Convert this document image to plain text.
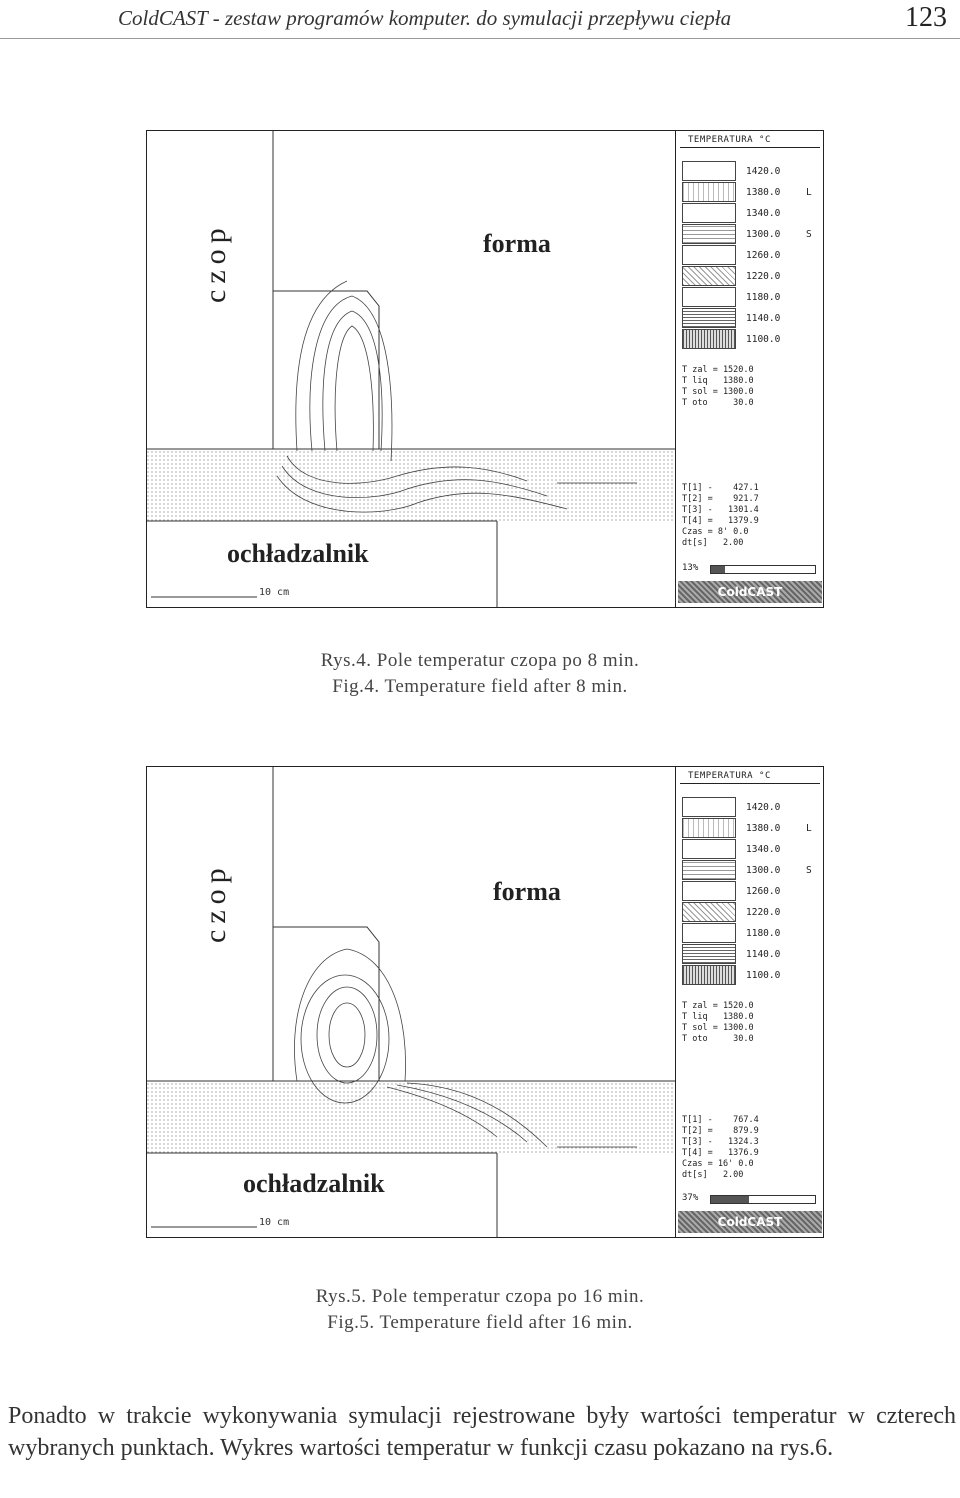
ColdCAST - zestaw programów komputer. do symulacji przepływu ciepła	123
czop	forma
ochładzalnik
10 cm
TEMPERATURA °C
1420.0
1380.0	L
1340.0
1300.0	S
1260.0
1220.0
1180.0
1140.0
1100.0
T zal = 1520.0
T liq   1380.0
T sol = 1300.0
T oto     30.0
T[1] -    427.1
T[2] =    921.7
T[3] -   1301.4
T[4] =   1379.9
Czas = 8' 0.0
dt[s]   2.00
13%
ColdCAST
Rys.4. Pole temperatur czopa po 8 min.
Fig.4. Temperature field after 8 min.
czop	forma
ochładzalnik
10 cm
TEMPERATURA °C
1420.0
1380.0	L
1340.0
1300.0	S
1260.0
1220.0
1180.0
1140.0
1100.0
T zal = 1520.0
T liq   1380.0
T sol = 1300.0
T oto     30.0
T[1] -    767.4
T[2] =    879.9
T[3] -   1324.3
T[4] =   1376.9
Czas = 16' 0.0
dt[s]   2.00
37%
ColdCAST
Rys.5. Pole temperatur czopa po 16 min.
Fig.5. Temperature field after 16 min.
Ponadto w trakcie wykonywania symulacji rejestrowane były wartości temperatur w czterech wybranych punktach. Wykres wartości temperatur w funkcji czasu pokazano na rys.6.
